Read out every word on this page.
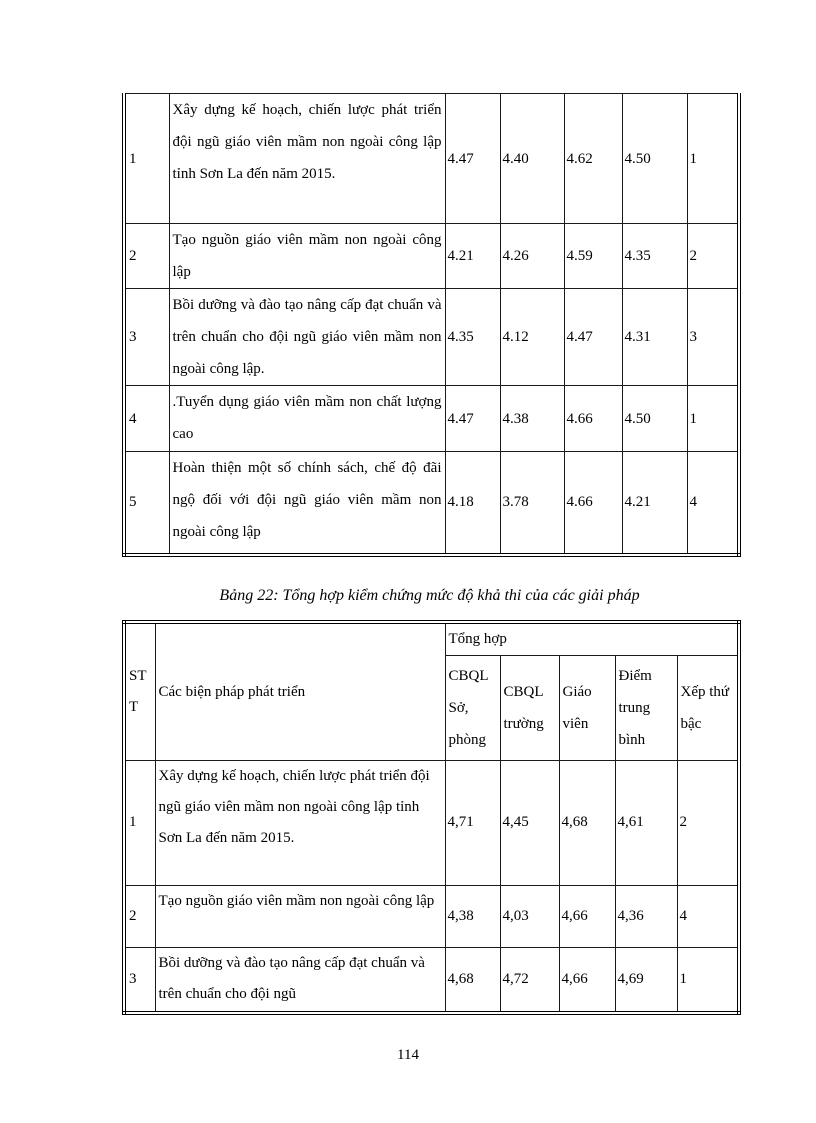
1	Xây dựng kế hoạch, chiến lược phát triển đội ngũ giáo viên mầm non ngoài công lập tỉnh Sơn La đến năm 2015.	4.47	4.40	4.62	4.50	1
2	Tạo nguồn giáo viên mầm non ngoài công lập	4.21	4.26	4.59	4.35	2
3	Bồi dưỡng và đào tạo nâng cấp đạt chuẩn và trên chuẩn cho đội ngũ giáo viên mầm non ngoài công lập.	4.35	4.12	4.47	4.31	3
4	.Tuyển dụng giáo viên mầm non chất lượng cao	4.47	4.38	4.66	4.50	1
5	Hoàn thiện một số chính sách, chế độ đãi ngộ đối với đội ngũ giáo viên mầm non ngoài công lập	4.18	3.78	4.66	4.21	4
Bảng 22: Tổng hợp kiểm chứng mức độ khả thi của các giải pháp
STT	Các biện pháp phát triển	Tổng hợp				
		CBQL Sở, phòng	CBQL trường	Giáo viên	Điểm trung bình	Xếp thứ bậc
1	Xây dựng kế hoạch, chiến lược phát triển đội ngũ giáo viên mầm non ngoài công lập tỉnh Sơn La đến năm 2015.	4,71	4,45	4,68	4,61	2
2	Tạo nguồn giáo viên mầm non ngoài công lập	4,38	4,03	4,66	4,36	4
3	Bồi dưỡng và đào tạo nâng cấp đạt chuẩn và trên chuẩn cho đội ngũ	4,68	4,72	4,66	4,69	1
114
